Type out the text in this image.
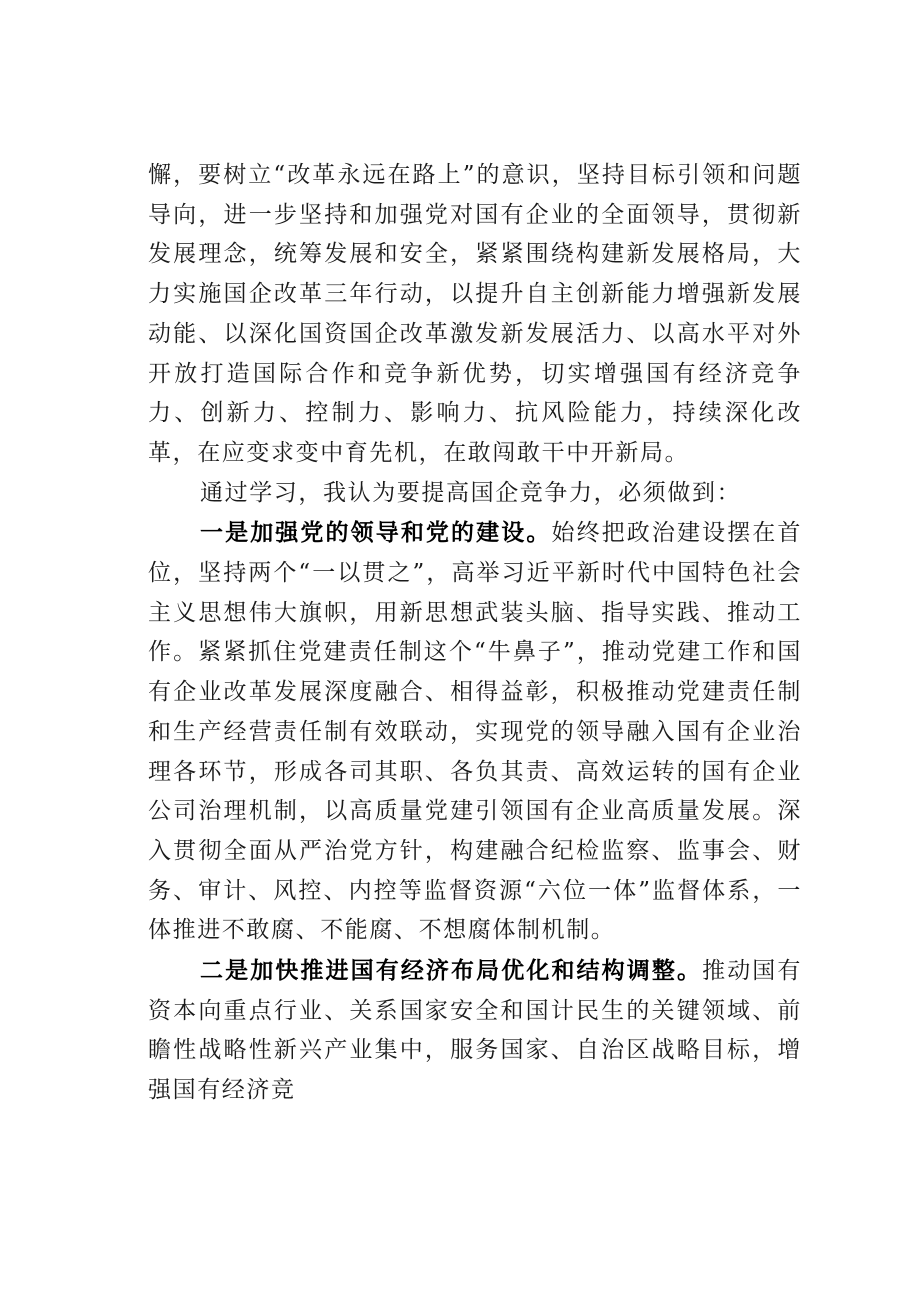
懈，要树立“改革永远在路上”的意识，坚持目标引领和问题导向，进一步坚持和加强党对国有企业的全面领导，贯彻新发展理念，统筹发展和安全，紧紧围绕构建新发展格局，大力实施国企改革三年行动，以提升自主创新能力增强新发展动能、以深化国资国企改革激发新发展活力、以高水平对外开放打造国际合作和竞争新优势，切实增强国有经济竞争力、创新力、控制力、影响力、抗风险能力，持续深化改革，在应变求变中育先机，在敢闯敢干中开新局。

通过学习，我认为要提高国企竞争力，必须做到：

一是加强党的领导和党的建设。始终把政治建设摆在首位，坚持两个“一以贯之”，高举习近平新时代中国特色社会主义思想伟大旗帜，用新思想武装头脑、指导实践、推动工作。紧紧抓住党建责任制这个“牛鼻子”，推动党建工作和国有企业改革发展深度融合、相得益彰，积极推动党建责任制和生产经营责任制有效联动，实现党的领导融入国有企业治理各环节，形成各司其职、各负其责、高效运转的国有企业公司治理机制，以高质量党建引领国有企业高质量发展。深入贯彻全面从严治党方针，构建融合纪检监察、监事会、财务、审计、风控、内控等监督资源“六位一体”监督体系，一体推进不敢腐、不能腐、不想腐体制机制。

二是加快推进国有经济布局优化和结构调整。推动国有资本向重点行业、关系国家安全和国计民生的关键领域、前瞻性战略性新兴产业集中，服务国家、自治区战略目标，增强国有经济竞
